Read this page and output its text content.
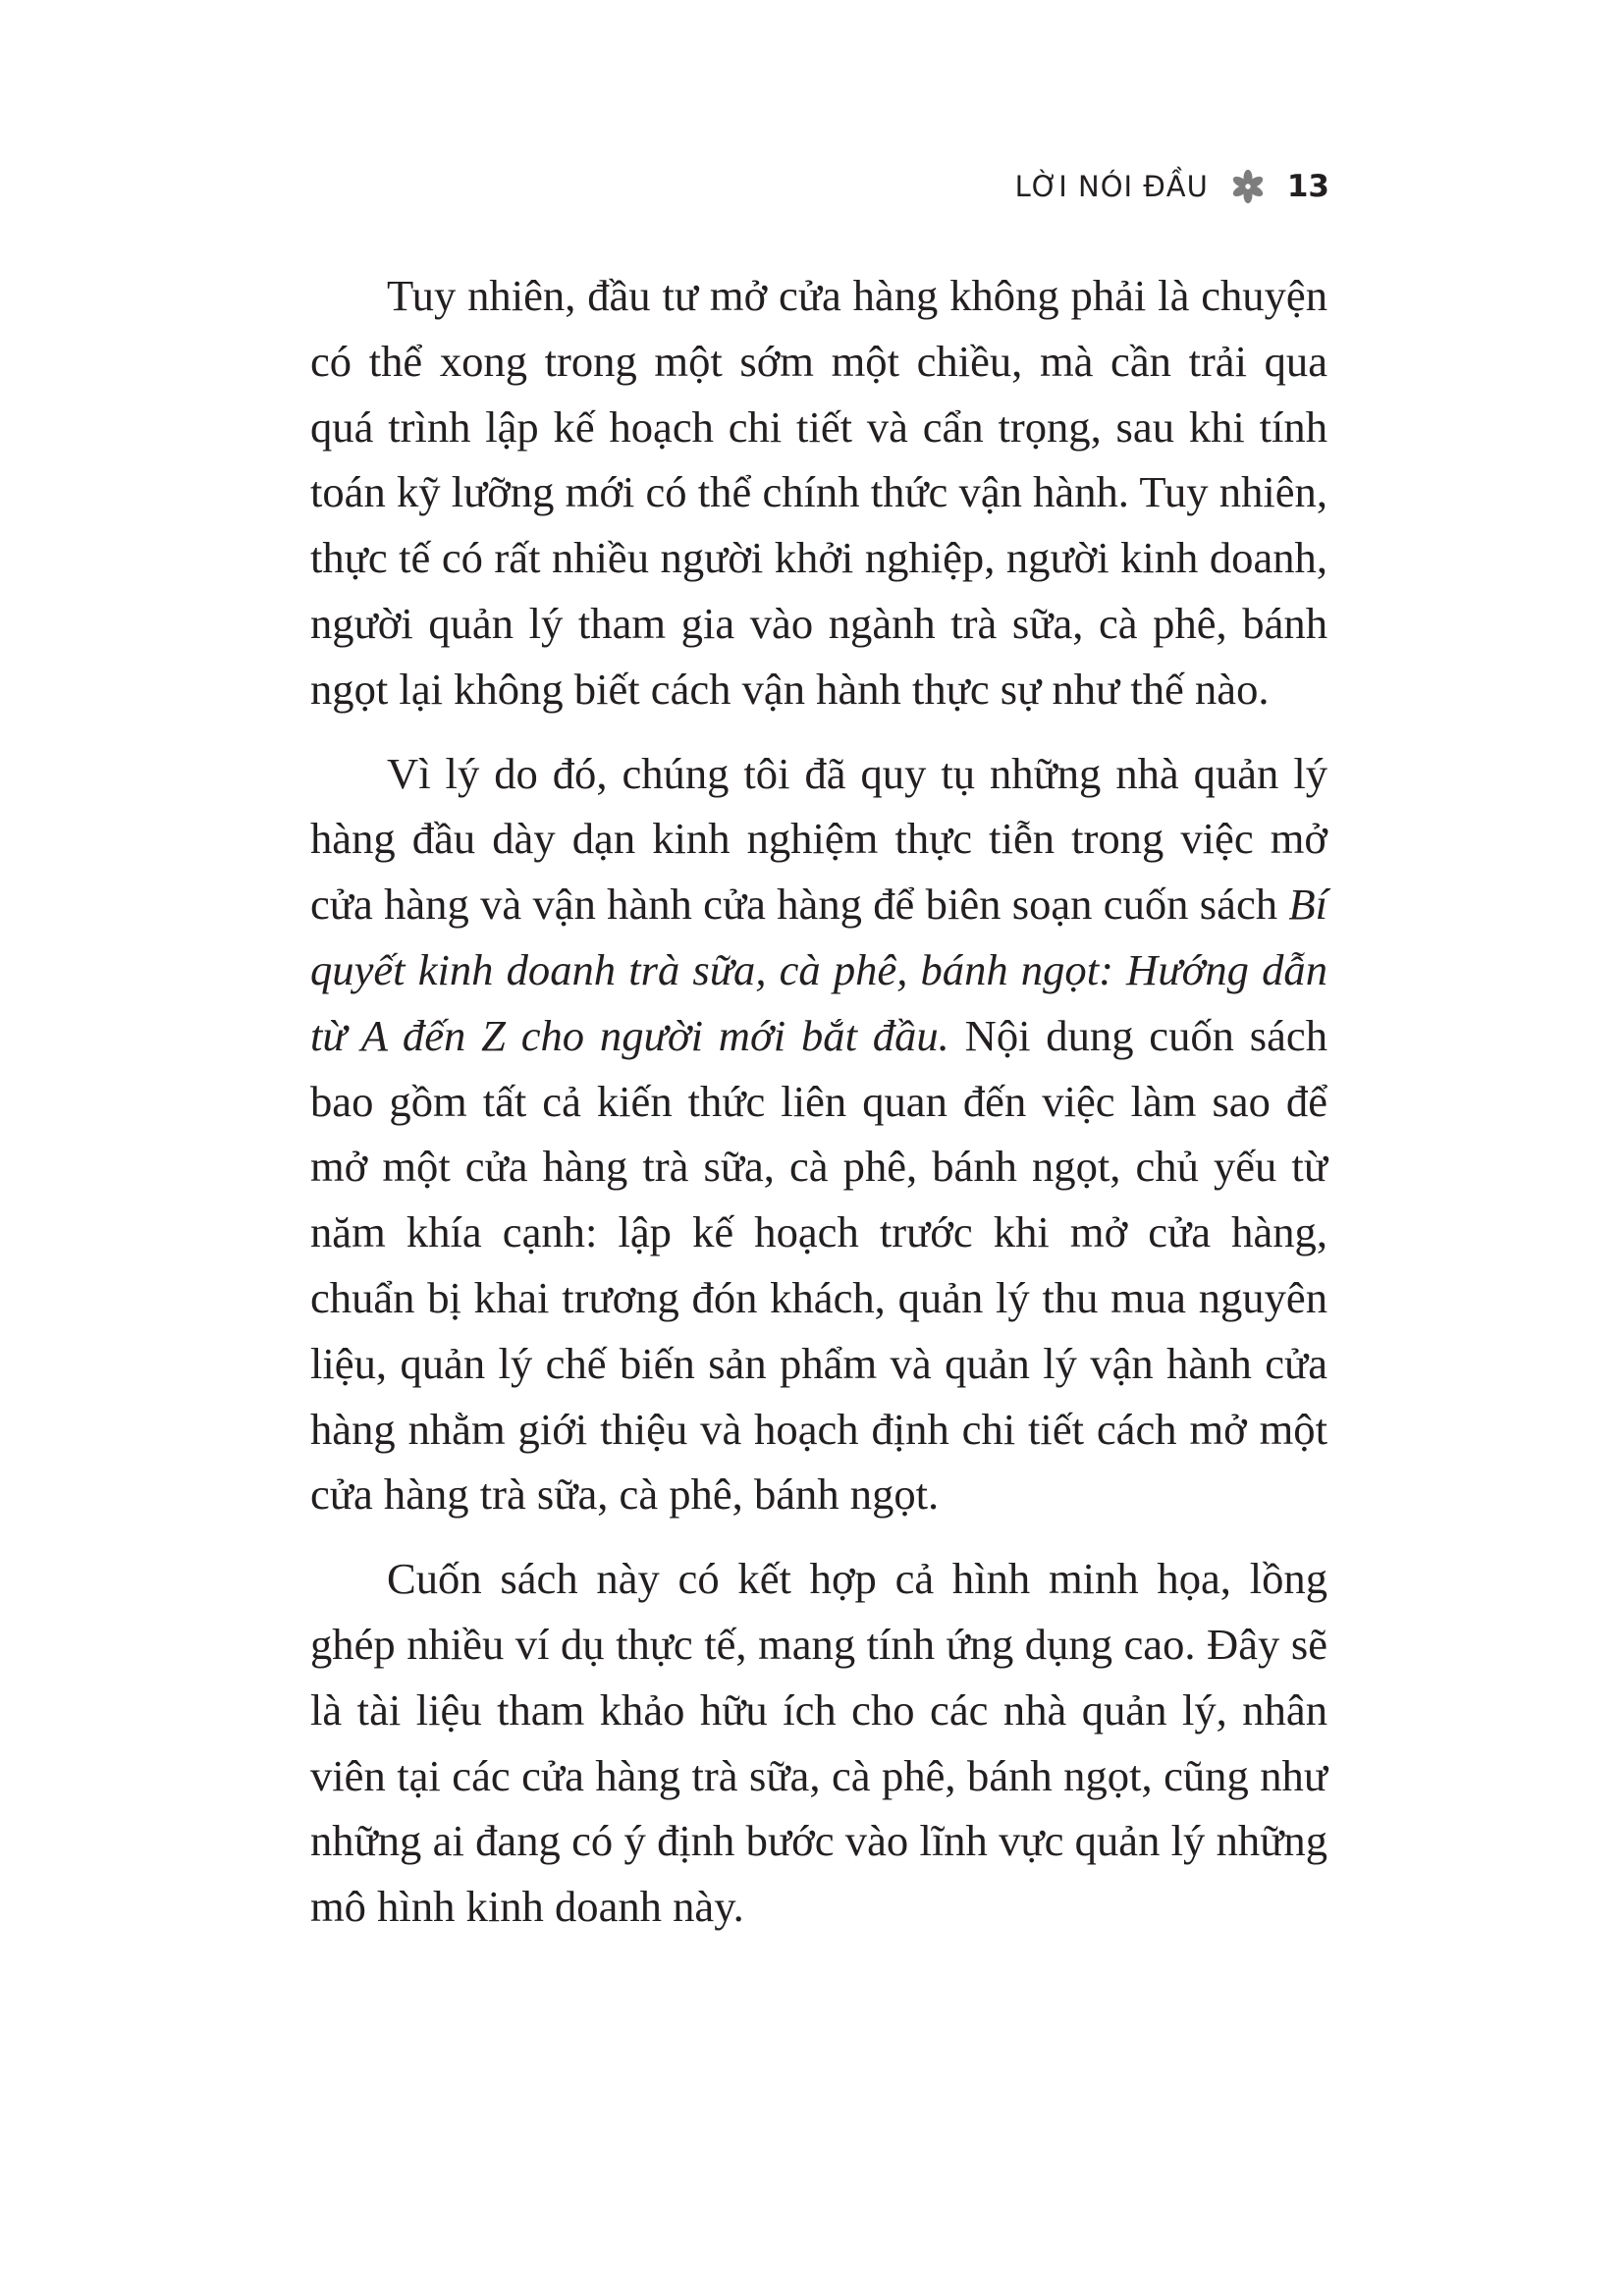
LỜI NÓI ĐẦU	13

Tuy nhiên, đầu tư mở cửa hàng không phải là chuyện có thể xong trong một sớm một chiều, mà cần trải qua quá trình lập kế hoạch chi tiết và cẩn trọng, sau khi tính toán kỹ lưỡng mới có thể chính thức vận hành. Tuy nhiên, thực tế có rất nhiều người khởi nghiệp, người kinh doanh, người quản lý tham gia vào ngành trà sữa, cà phê, bánh ngọt lại không biết cách vận hành thực sự như thế nào.

Vì lý do đó, chúng tôi đã quy tụ những nhà quản lý hàng đầu dày dạn kinh nghiệm thực tiễn trong việc mở cửa hàng và vận hành cửa hàng để biên soạn cuốn sách Bí quyết kinh doanh trà sữa, cà phê, bánh ngọt: Hướng dẫn từ A đến Z cho người mới bắt đầu. Nội dung cuốn sách bao gồm tất cả kiến thức liên quan đến việc làm sao để mở một cửa hàng trà sữa, cà phê, bánh ngọt, chủ yếu từ năm khía cạnh: lập kế hoạch trước khi mở cửa hàng, chuẩn bị khai trương đón khách, quản lý thu mua nguyên liệu, quản lý chế biến sản phẩm và quản lý vận hành cửa hàng nhằm giới thiệu và hoạch định chi tiết cách mở một cửa hàng trà sữa, cà phê, bánh ngọt.

Cuốn sách này có kết hợp cả hình minh họa, lồng ghép nhiều ví dụ thực tế, mang tính ứng dụng cao. Đây sẽ là tài liệu tham khảo hữu ích cho các nhà quản lý, nhân viên tại các cửa hàng trà sữa, cà phê, bánh ngọt, cũng như những ai đang có ý định bước vào lĩnh vực quản lý những mô hình kinh doanh này.
